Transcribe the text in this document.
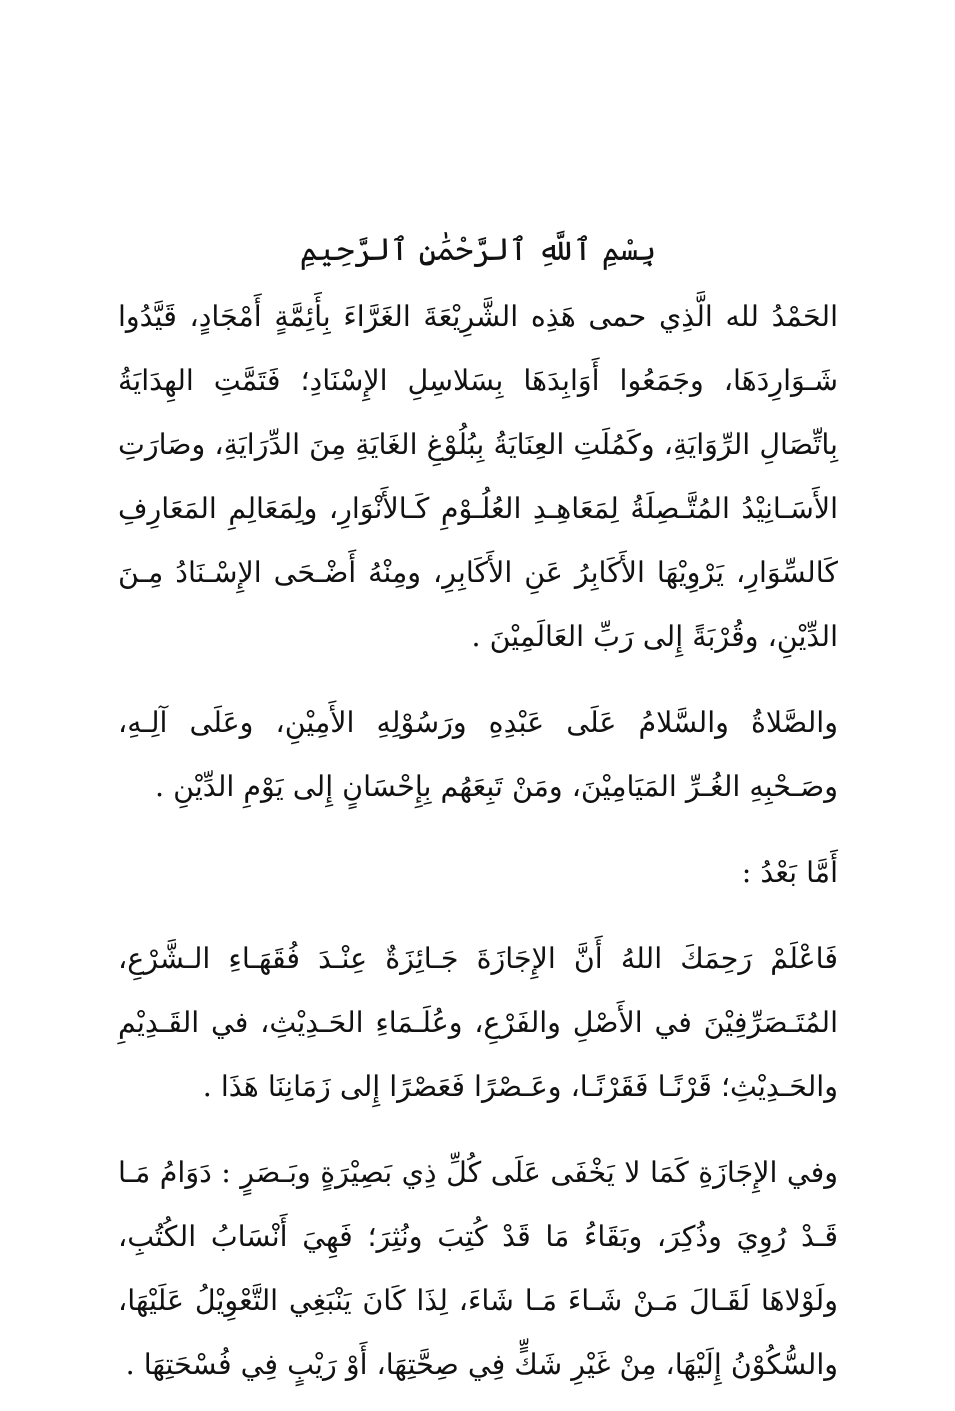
بِسْمِ ٱللَّهِ ٱلرَّحْمَٰنِ ٱلرَّحِيمِ

الحَمْدُ لله الَّذِي حمى هَذِه الشَّرِيْعَةَ الغَرَّاءَ بِأَئِمَّةٍ أَمْجَادٍ، قَيَّدُوا شَـوَارِدَهَا، وجَمَعُوا أَوَابِدَهَا بِسَلاسِلِ الإِسْنَادِ؛ فَتَمَّتِ الهِدَايَةُ بِاتِّصَالِ الرِّوَايَةِ، وكَمُلَتِ العِنَايَةُ بِبُلُوْغِ الغَايَةِ مِنَ الدِّرَايَةِ، وصَارَتِ الأَسَـانِيْدُ المُتَّـصِلَةُ لِمَعَاهِـدِ العُلُـوْمِ كَـالأَنْوَارِ، ولِمَعَالِمِ المَعَارِفِ كَالسِّوَارِ، يَرْوِيْهَا الأَكَابِرُ عَنِ الأَكَابِرِ، ومِنْهُ أَضْـحَى الإِسْـنَادُ مِـنَ الدِّيْنِ، وقُرْبَةً إِلى رَبِّ العَالَمِيْنَ .

والصَّلاةُ والسَّلامُ عَلَى عَبْدِهِ ورَسُوْلِهِ الأَمِيْنِ، وعَلَى آلِـهِ، وصَـحْبِهِ الغُـرِّ المَيَامِيْنَ، ومَنْ تَبِعَهُم بِإِحْسَانٍ إِلى يَوْمِ الدِّيْنِ .

أَمَّا بَعْدُ :

فَاعْلَمْ رَحِمَكَ اللهُ أَنَّ الإِجَازَةَ جَـائِزَةٌ عِنْـدَ فُقَهَـاءِ الـشَّرْعِ، المُتَـصَرِّفِيْنَ في الأَصْلِ والفَرْعِ، وعُلَـمَاءِ الحَـدِيْثِ، في القَـدِيْمِ والحَـدِيْثِ؛ قَرْنًـا فَقَرْنًـا، وعَـصْرًا فَعَصْرًا إِلى زَمَانِنَا هَذَا .

وفي الإِجَازَةِ كَمَا لا يَخْفَى عَلَى كُلِّ ذِي بَصِيْرَةٍ وبَـصَرٍ : دَوَامُ مَـا قَـدْ رُوِيَ وذُكِرَ، وبَقَاءُ مَا قَدْ كُتِبَ ونُثِرَ؛ فَهِيَ أَنْسَابُ الكُتُبِ، ولَوْلاهَا لَقَـالَ مَـنْ شَـاءَ مَـا شَاءَ، لِذَا كَانَ يَنْبَغِي التَّعْوِيْلُ عَلَيْهَا، والسُّكُوْنُ إِلَيْهَا، مِنْ غَيْرِ شَكٍّ فِي صِحَّتِهَا، أَوْ رَيْبٍ فِي فُسْحَتِهَا .
